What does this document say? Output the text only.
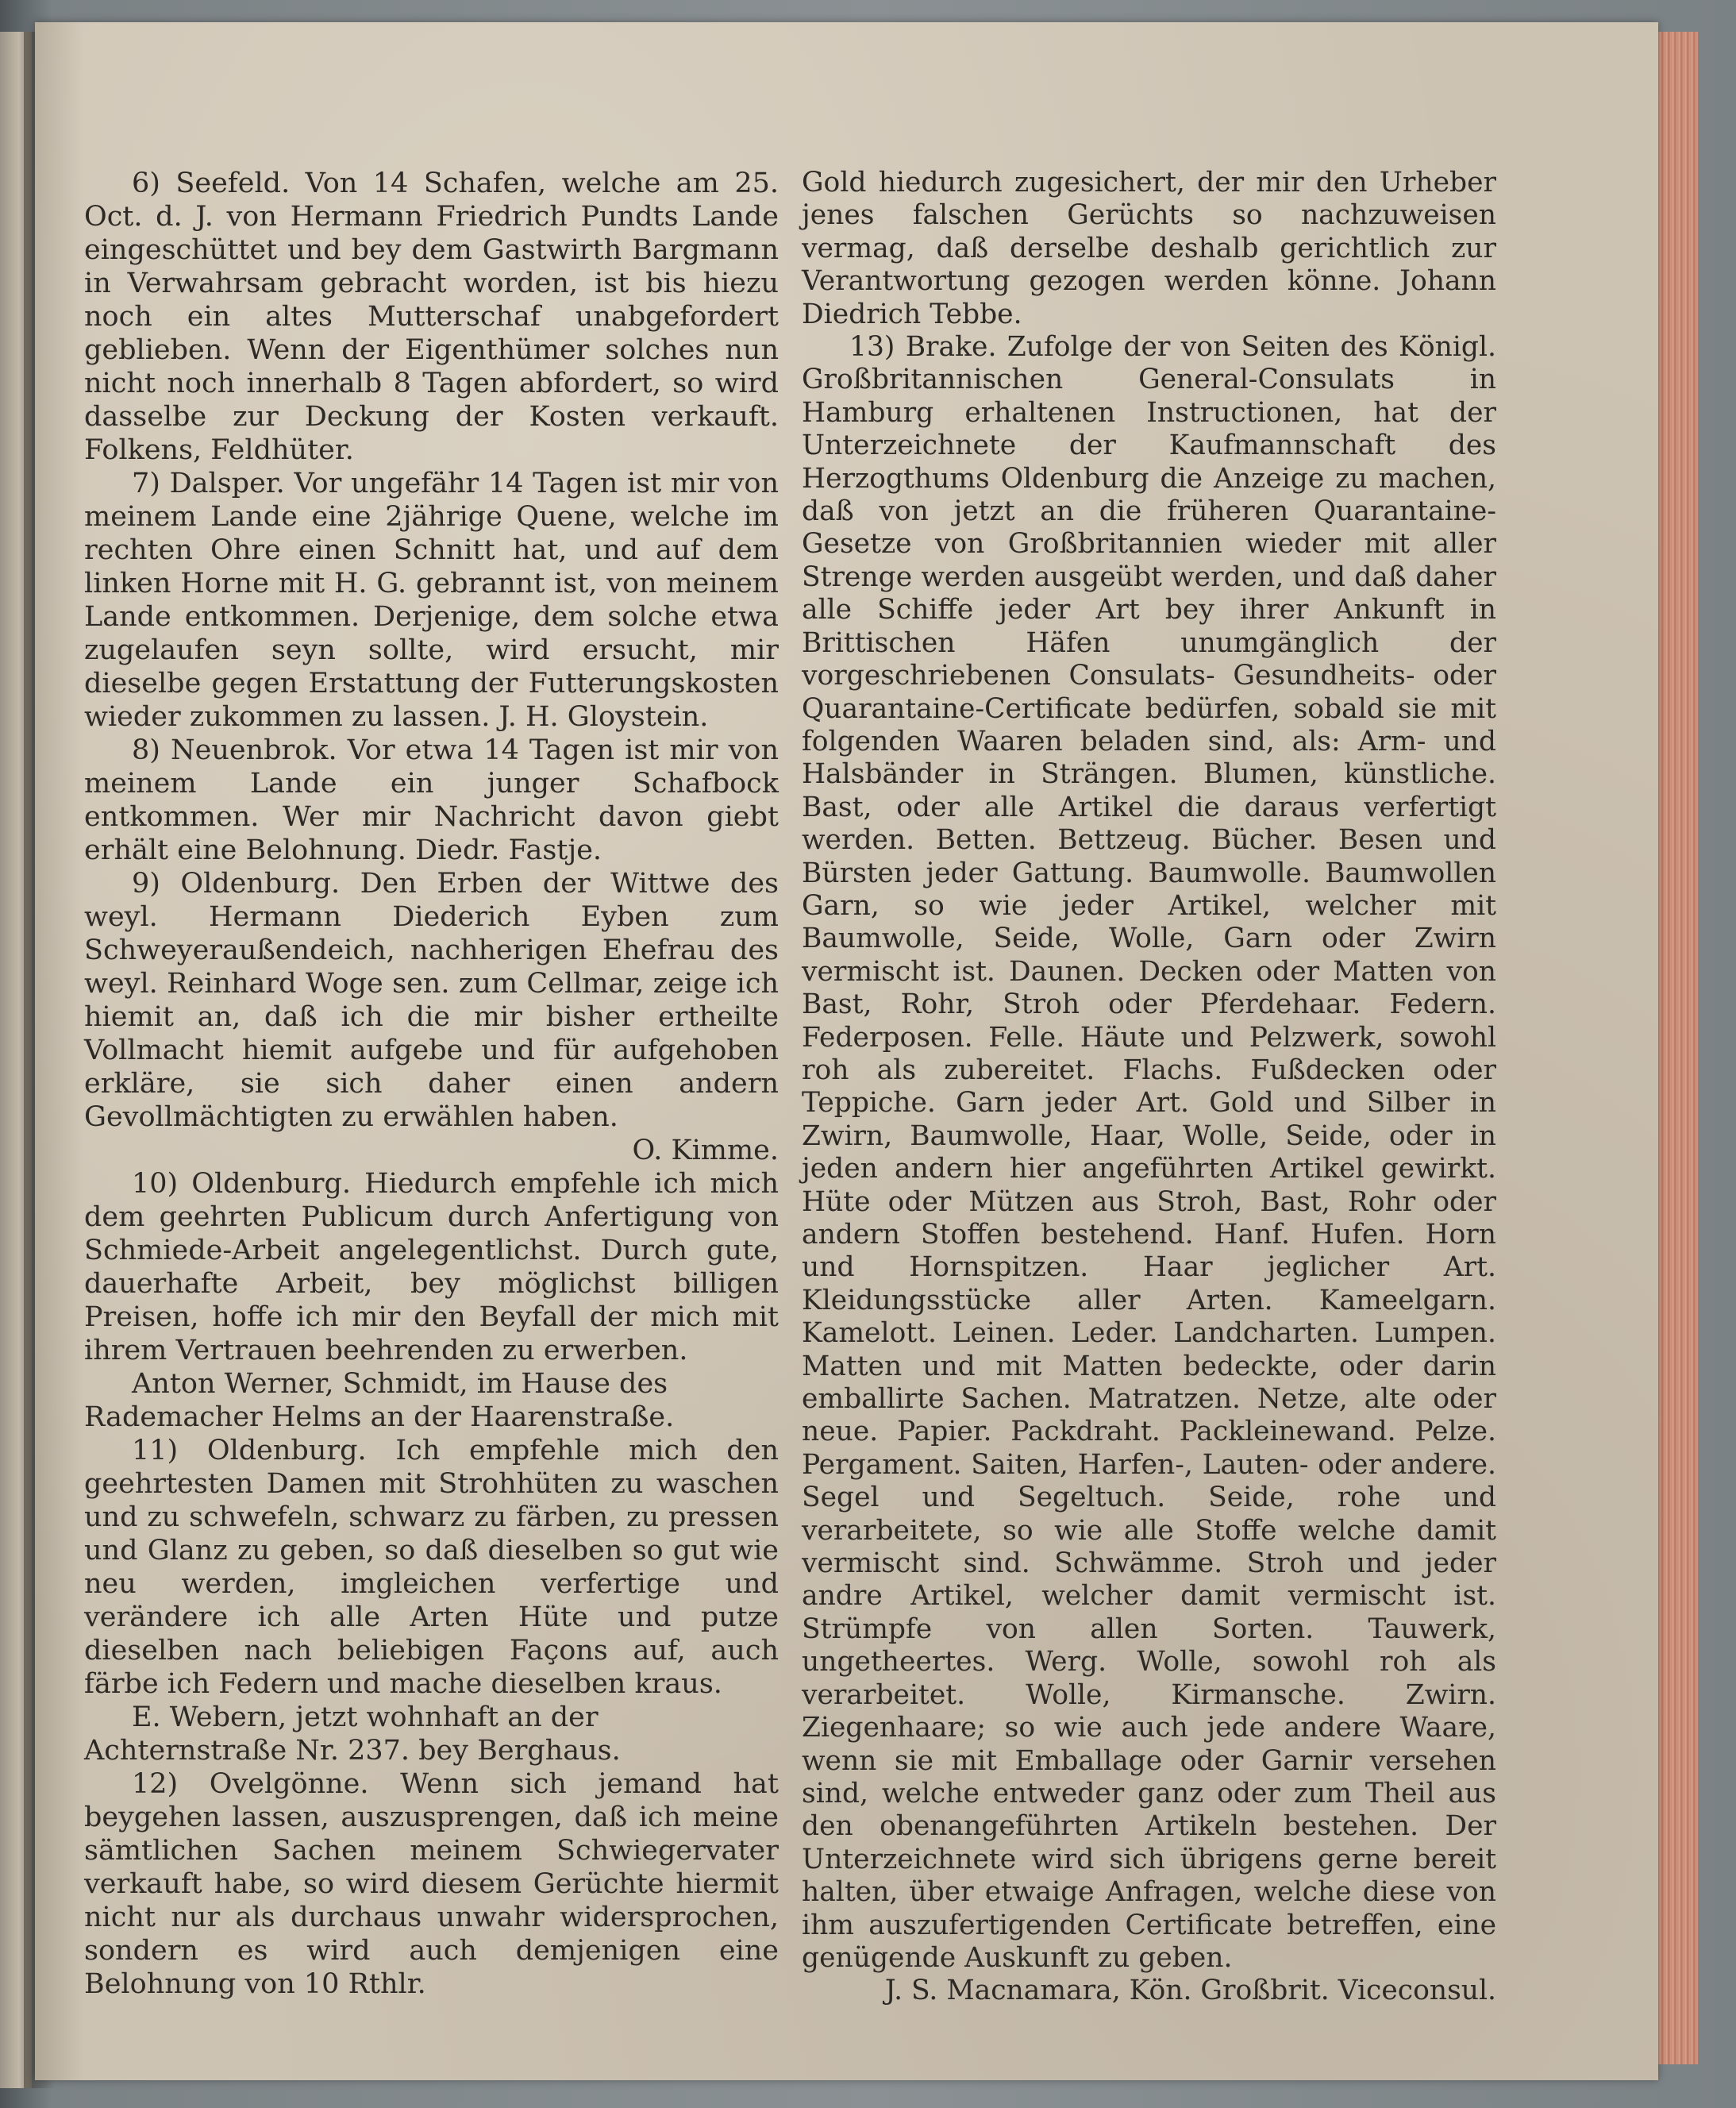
6) Seefeld. Von 14 Schafen, welche am 25. Oct. d. J. von Hermann Friedrich Pundts Lande eingeschüttet und bey dem Gastwirth Bargmann in Verwahrsam gebracht worden, ist bis hiezu noch ein altes Mutterschaf unabgefordert geblieben. Wenn der Eigenthümer solches nun nicht noch innerhalb 8 Tagen abfordert, so wird dasselbe zur Deckung der Kosten verkauft. Folkens, Feldhüter.

7) Dalsper. Vor ungefähr 14 Tagen ist mir von meinem Lande eine 2jährige Quene, welche im rechten Ohre einen Schnitt hat, und auf dem linken Horne mit H. G. gebrannt ist, von meinem Lande entkommen. Derjenige, dem solche etwa zugelaufen seyn sollte, wird ersucht, mir dieselbe gegen Erstattung der Futterungskosten wieder zukommen zu lassen. J. H. Gloystein.

8) Neuenbrok. Vor etwa 14 Tagen ist mir von meinem Lande ein junger Schafbock entkommen. Wer mir Nachricht davon giebt erhält eine Belohnung. Diedr. Fastje.

9) Oldenburg. Den Erben der Wittwe des weyl. Hermann Diederich Eyben zum Schweyeraußendeich, nachherigen Ehefrau des weyl. Reinhard Woge sen. zum Cellmar, zeige ich hiemit an, daß ich die mir bisher ertheilte Vollmacht hiemit aufgebe und für aufgehoben erkläre, sie sich daher einen andern Gevollmächtigten zu erwählen haben.

O. Kimme.

10) Oldenburg. Hiedurch empfehle ich mich dem geehrten Publicum durch Anfertigung von Schmiede-Arbeit angelegentlichst. Durch gute, dauerhafte Arbeit, bey möglichst billigen Preisen, hoffe ich mir den Beyfall der mich mit ihrem Vertrauen beehrenden zu erwerben.

Anton Werner, Schmidt, im Hause des Rademacher Helms an der Haarenstraße.

11) Oldenburg. Ich empfehle mich den geehrtesten Damen mit Strohhüten zu waschen und zu schwefeln, schwarz zu färben, zu pressen und Glanz zu geben, so daß dieselben so gut wie neu werden, imgleichen verfertige und verändere ich alle Arten Hüte und putze dieselben nach beliebigen Façons auf, auch färbe ich Federn und mache dieselben kraus.

E. Webern, jetzt wohnhaft an der Achternstraße Nr. 237. bey Berghaus.

12) Ovelgönne. Wenn sich jemand hat beygehen lassen, auszusprengen, daß ich meine sämtlichen Sachen meinem Schwiegervater verkauft habe, so wird diesem Gerüchte hiermit nicht nur als durchaus unwahr widersprochen, sondern es wird auch demjenigen eine Belohnung von 10 Rthlr.

Gold hiedurch zugesichert, der mir den Urheber jenes falschen Gerüchts so nachzuweisen vermag, daß derselbe deshalb gerichtlich zur Verantwortung gezogen werden könne. Johann Diedrich Tebbe.

13) Brake. Zufolge der von Seiten des Königl. Großbritannischen General-Consulats in Hamburg erhaltenen Instructionen, hat der Unterzeichnete der Kaufmannschaft des Herzogthums Oldenburg die Anzeige zu machen, daß von jetzt an die früheren Quarantaine-Gesetze von Großbritannien wieder mit aller Strenge werden ausgeübt werden, und daß daher alle Schiffe jeder Art bey ihrer Ankunft in Brittischen Häfen unumgänglich der vorgeschriebenen Consulats- Gesundheits- oder Quarantaine-Certificate bedürfen, sobald sie mit folgenden Waaren beladen sind, als: Arm- und Halsbänder in Strängen. Blumen, künstliche. Bast, oder alle Artikel die daraus verfertigt werden. Betten. Bettzeug. Bücher. Besen und Bürsten jeder Gattung. Baumwolle. Baumwollen Garn, so wie jeder Artikel, welcher mit Baumwolle, Seide, Wolle, Garn oder Zwirn vermischt ist. Daunen. Decken oder Matten von Bast, Rohr, Stroh oder Pferdehaar. Federn. Federposen. Felle. Häute und Pelzwerk, sowohl roh als zubereitet. Flachs. Fußdecken oder Teppiche. Garn jeder Art. Gold und Silber in Zwirn, Baumwolle, Haar, Wolle, Seide, oder in jeden andern hier angeführten Artikel gewirkt. Hüte oder Mützen aus Stroh, Bast, Rohr oder andern Stoffen bestehend. Hanf. Hufen. Horn und Hornspitzen. Haar jeglicher Art. Kleidungsstücke aller Arten. Kameelgarn. Kamelott. Leinen. Leder. Landcharten. Lumpen. Matten und mit Matten bedeckte, oder darin emballirte Sachen. Matratzen. Netze, alte oder neue. Papier. Packdraht. Packleinewand. Pelze. Pergament. Saiten, Harfen-, Lauten- oder andere. Segel und Segeltuch. Seide, rohe und verarbeitete, so wie alle Stoffe welche damit vermischt sind. Schwämme. Stroh und jeder andre Artikel, welcher damit vermischt ist. Strümpfe von allen Sorten. Tauwerk, ungetheertes. Werg. Wolle, sowohl roh als verarbeitet. Wolle, Kirmansche. Zwirn. Ziegenhaare; so wie auch jede andere Waare, wenn sie mit Emballage oder Garnir versehen sind, welche entweder ganz oder zum Theil aus den obenangeführten Artikeln bestehen. Der Unterzeichnete wird sich übrigens gerne bereit halten, über etwaige Anfragen, welche diese von ihm auszufertigenden Certificate betreffen, eine genügende Auskunft zu geben.

J. S. Macnamara, Kön. Großbrit. Viceconsul.
